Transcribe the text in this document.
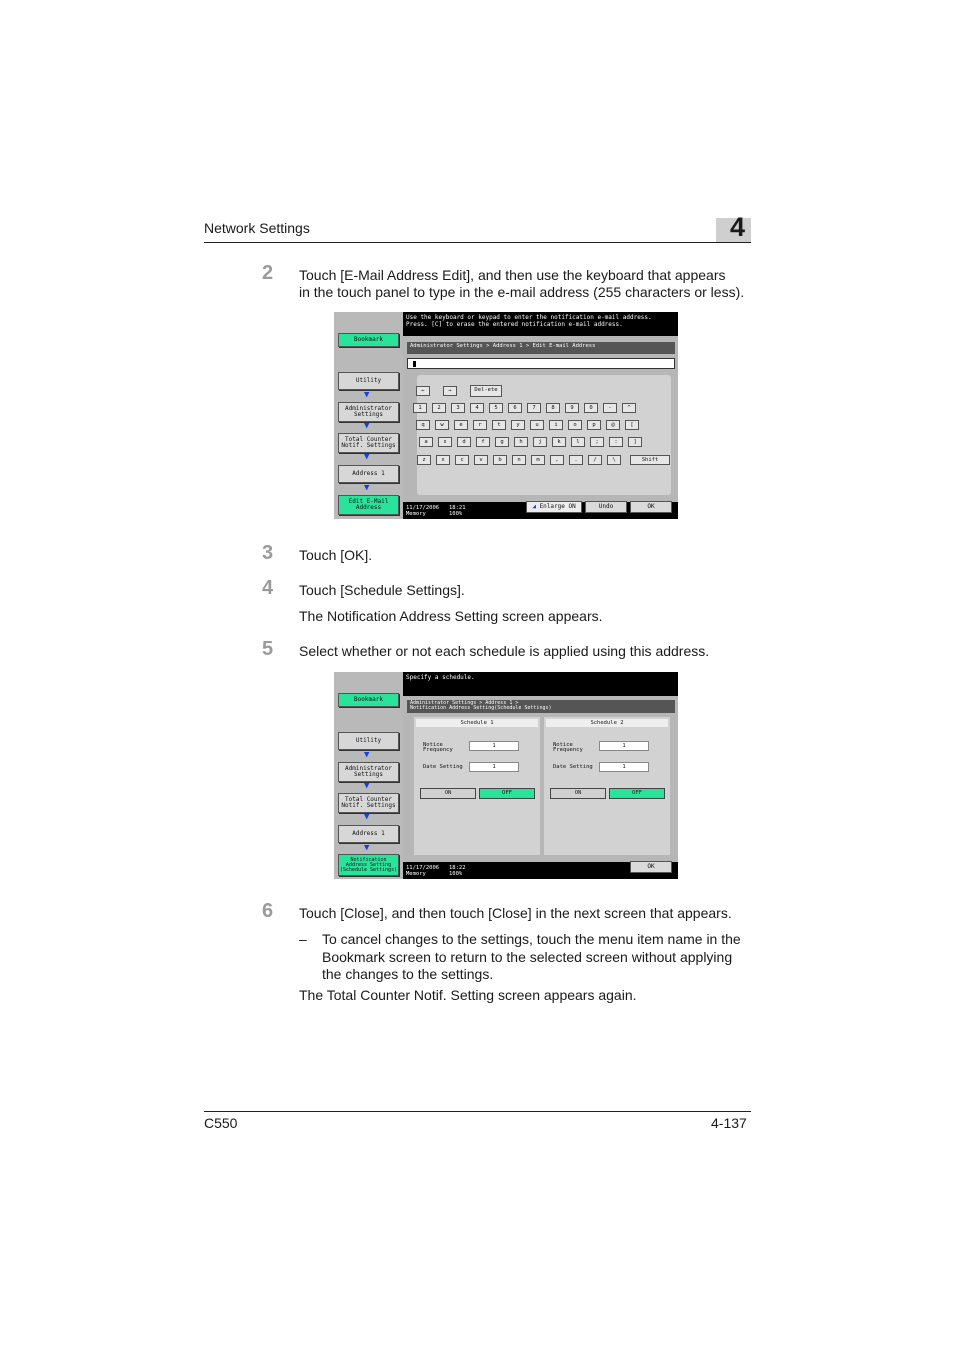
Network Settings	4
2 Touch [E-Mail Address Edit], and then use the keyboard that appears
in the touch panel to type in the e-mail address (255 characters or less).
Bookmark
Utility
▼
Administrator Settings
▼
Total Counter Notif. Settings
▼
Address 1
▼
Edit E-Mail Address
Use the keyboard or keypad to enter the notification e-mail address.
Press. [C] to erase the entered notification e-mail address.
Administrator Settings > Address 1 > Edit E-mail Address
←	→	Del-ete
1	2	3	4	5	6	7	8	9	0	-	^
q	w	e	r	t	y	u	i	o	p	@	[
a	s	d	f	g	h	j	k	l	;	:	]
z	x	c	v	b	n	m	,	.	/	\	Shift
11/17/2006
Memory
18:21
100%
◢ Enlarge ON	Undo	OK
3 Touch [OK].
4 Touch [Schedule Settings].
The Notification Address Setting screen appears.
5 Select whether or not each schedule is applied using this address.
Bookmark
Utility
▼
Administrator Settings
▼
Total Counter Notif. Settings
▼
Address 1
▼
Notification Address Setting (Schedule Settings)
Specify a schedule.
Administrator Settings > Address 1 >
Notification Address Setting(Schedule Settings)
Schedule 1
Notice Frequency
1
Date Setting	1
ON	OFF
Schedule 2
Notice Frequency
1
Date Setting	1
ON	OFF
11/17/2006
Memory
18:22
100%
OK
6 Touch [Close], and then touch [Close] in the next screen that appears.
– To cancel changes to the settings, touch the menu item name in the
Bookmark screen to return to the selected screen without applying
the changes to the settings.
The Total Counter Notif. Setting screen appears again.
C550	4-137
